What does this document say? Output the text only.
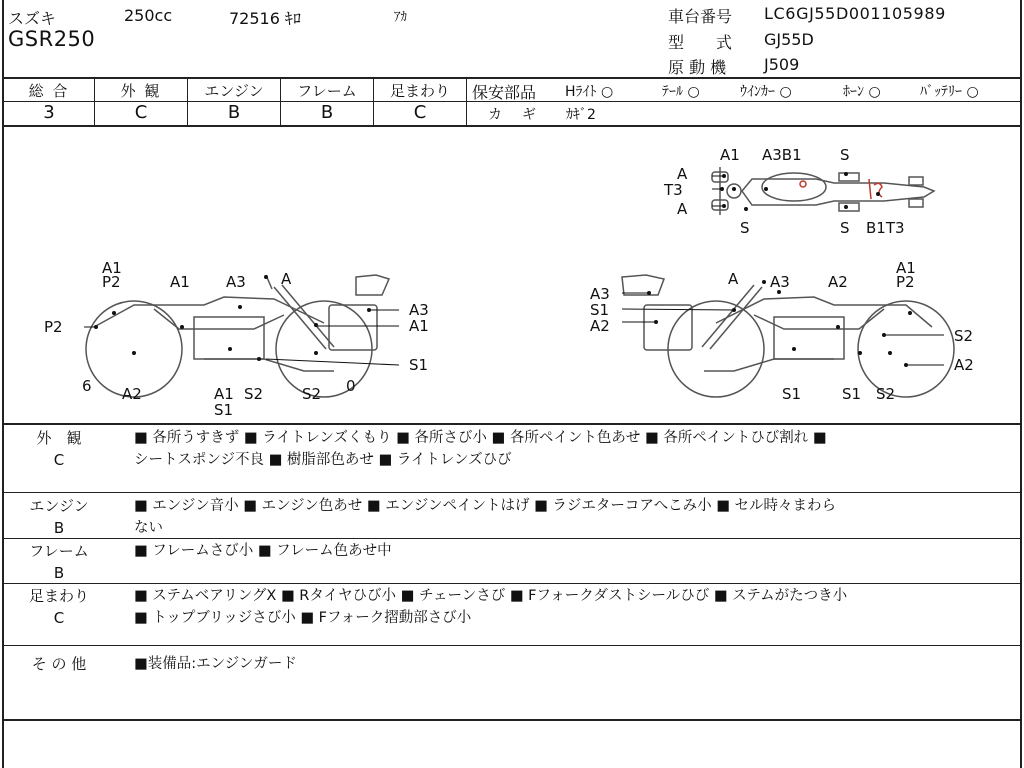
スズキ	250cc	72516 ｷﾛ	ｱｶ
GSR250
車台番号 LC6GJ55D001105989
型　　式 GJ55D
原 動 機 J509
総 合	外 観	エンジン	フレーム	足まわり
3	C	B	B	C
保安部品 Hﾗｲﾄ ○	ﾃｰﾙ ○	ｳｲﾝｶｰ ○	ﾎｰﾝ ○	ﾊﾞｯﾃﾘｰ ○
カ　ギ ｶｷﾞ2
A1 A3B1	S
A
T3
A
S	S B1T3
A1
P2	A1 A3 A
P2
A3
A1
S1
6 A2	A1
S1
S2	S2 0
A A3	A2
A1
P2
A3
S1
A2
S2
A2
S1	S1 S2
外　観
C
■ 各所うすきず ■ ライトレンズくもり ■ 各所さび小 ■ 各所ペイント色あせ ■ 各所ペイントひび割れ ■
シートスポンジ不良 ■ 樹脂部色あせ ■ ライトレンズひび
エンジン
B
■ エンジン音小 ■ エンジン色あせ ■ エンジンペイントはげ ■ ラジエターコアへこみ小 ■ セル時々まわら
ない
フレーム
B
■ フレームさび小 ■ フレーム色あせ中
足まわり
C
■ ステムベアリングX ■ Rタイヤひび小 ■ チェーンさび ■ Fフォークダストシールひび ■ ステムがたつき小
■ トップブリッジさび小 ■ Fフォーク摺動部さび小
そ の 他	■装備品:エンジンガード
